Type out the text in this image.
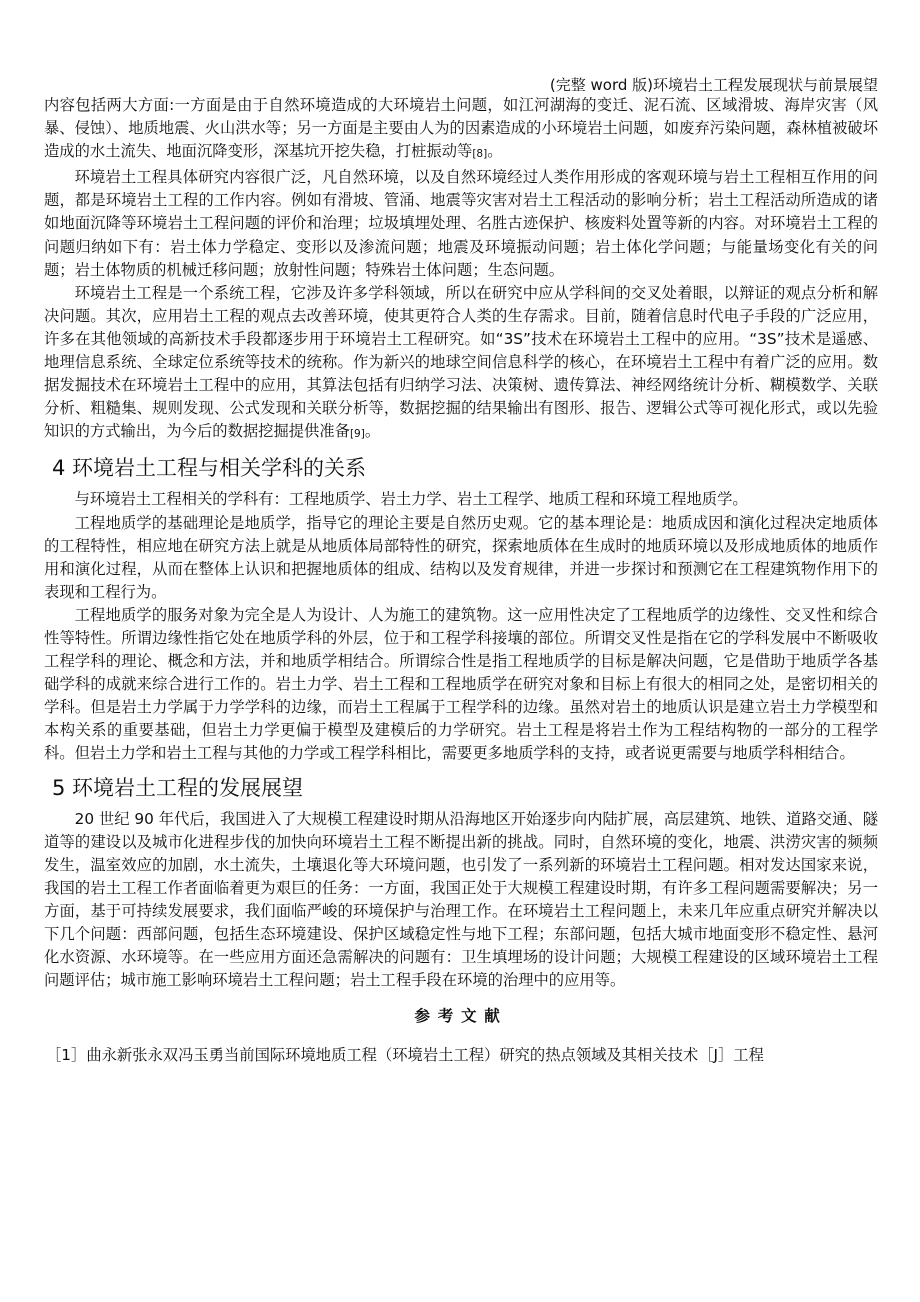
(完整 word 版)环境岩土工程发展现状与前景展望

内容包括两大方面:一方面是由于自然环境造成的大环境岩土问题，如江河湖海的变迁、泥石流、区域滑坡、海岸灾害（风暴、侵蚀）、地质地震、火山洪水等；另一方面是主要由人为的因素造成的小环境岩土问题，如废弃污染问题，森林植被破坏造成的水土流失、地面沉降变形，深基坑开挖失稳，打桩振动等[8]。

环境岩土工程具体研究内容很广泛，凡自然环境，以及自然环境经过人类作用形成的客观环境与岩土工程相互作用的问题，都是环境岩土工程的工作内容。例如有滑坡、管涌、地震等灾害对岩土工程活动的影响分析；岩土工程活动所造成的诸如地面沉降等环境岩土工程问题的评价和治理；垃圾填埋处理、名胜古迹保护、核废料处置等新的内容。对环境岩土工程的问题归纳如下有：岩土体力学稳定、变形以及渗流问题；地震及环境振动问题；岩土体化学问题；与能量场变化有关的问题；岩土体物质的机械迁移问题；放射性问题；特殊岩土体问题；生态问题。

环境岩土工程是一个系统工程，它涉及许多学科领域，所以在研究中应从学科间的交叉处着眼，以辩证的观点分析和解决问题。其次，应用岩土工程的观点去改善环境，使其更符合人类的生存需求。目前，随着信息时代电子手段的广泛应用，许多在其他领域的高新技术手段都逐步用于环境岩土工程研究。如“3S”技术在环境岩土工程中的应用。“3S”技术是遥感、地理信息系统、全球定位系统等技术的统称。作为新兴的地球空间信息科学的核心，在环境岩土工程中有着广泛的应用。数据发掘技术在环境岩土工程中的应用，其算法包括有归纳学习法、决策树、遗传算法、神经网络统计分析、糊模数学、关联分析、粗糙集、规则发现、公式发现和关联分析等，数据挖掘的结果输出有图形、报告、逻辑公式等可视化形式，或以先验知识的方式输出，为今后的数据挖掘提供准备[9]。

4 环境岩土工程与相关学科的关系

与环境岩土工程相关的学科有：工程地质学、岩土力学、岩土工程学、地质工程和环境工程地质学。

工程地质学的基础理论是地质学，指导它的理论主要是自然历史观。它的基本理论是：地质成因和演化过程决定地质体的工程特性，相应地在研究方法上就是从地质体局部特性的研究，探索地质体在生成时的地质环境以及形成地质体的地质作用和演化过程，从而在整体上认识和把握地质体的组成、结构以及发育规律，并进一步探讨和预测它在工程建筑物作用下的表现和工程行为。

工程地质学的服务对象为完全是人为设计、人为施工的建筑物。这一应用性决定了工程地质学的边缘性、交叉性和综合性等特性。所谓边缘性指它处在地质学科的外层，位于和工程学科接壤的部位。所谓交叉性是指在它的学科发展中不断吸收工程学科的理论、概念和方法，并和地质学相结合。所谓综合性是指工程地质学的目标是解决问题，它是借助于地质学各基础学科的成就来综合进行工作的。岩土力学、岩土工程和工程地质学在研究对象和目标上有很大的相同之处，是密切相关的学科。但是岩土力学属于力学学科的边缘，而岩土工程属于工程学科的边缘。虽然对岩土的地质认识是建立岩土力学模型和本构关系的重要基础，但岩土力学更偏于模型及建模后的力学研究。岩土工程是将岩土作为工程结构物的一部分的工程学科。但岩土力学和岩土工程与其他的力学或工程学科相比，需要更多地质学科的支持，或者说更需要与地质学科相结合。

5 环境岩土工程的发展展望

20 世纪 90 年代后，我国进入了大规模工程建设时期从沿海地区开始逐步向内陆扩展，高层建筑、地铁、道路交通、隧道等的建设以及城市化进程步伐的加快向环境岩土工程不断提出新的挑战。同时，自然环境的变化，地震、洪涝灾害的频频发生，温室效应的加剧，水土流失，土壤退化等大环境问题，也引发了一系列新的环境岩土工程问题。相对发达国家来说，我国的岩土工程工作者面临着更为艰巨的任务：一方面，我国正处于大规模工程建设时期，有许多工程问题需要解决；另一方面，基于可持续发展要求，我们面临严峻的环境保护与治理工作。在环境岩土工程问题上，未来几年应重点研究并解决以下几个问题：西部问题，包括生态环境建设、保护区域稳定性与地下工程；东部问题，包括大城市地面变形不稳定性、悬河化水资源、水环境等。在一些应用方面还急需解决的问题有：卫生填埋场的设计问题；大规模工程建设的区域环境岩土工程问题评估；城市施工影响环境岩土工程问题；岩土工程手段在环境的治理中的应用等。

参考文献

［1］曲永新张永双冯玉勇当前国际环境地质工程（环境岩土工程）研究的热点领域及其相关技术［J］工程
